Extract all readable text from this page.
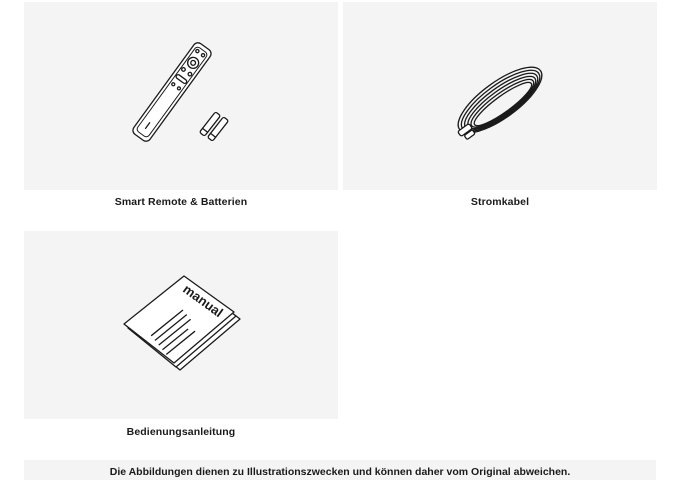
Smart Remote & Batterien	Stromkabel
manual
Bedienungsanleitung
Die Abbildungen dienen zu Illustrationszwecken und können daher vom Original abweichen.
